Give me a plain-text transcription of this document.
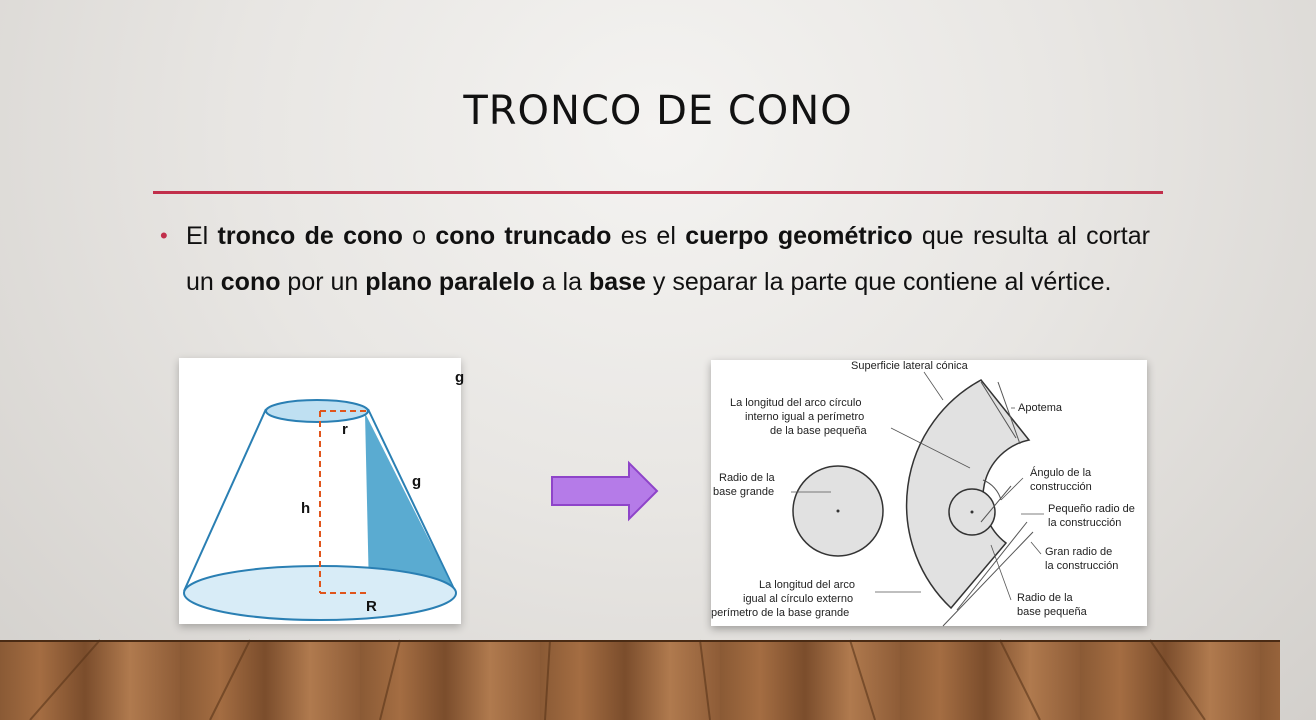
TRONCO DE CONO
• El tronco de cono o cono truncado es el cuerpo geométrico que resulta al cortar un cono por un plano paralelo a la base y separar la parte que contiene al vértice.
r
g
h
R
g
Superficie lateral cónica
La longitud del arco círculo
interno igual a perímetro
de la base pequeña
Apotema
Radio de la
base grande
Ángulo de la
construcción
Pequeño radio de
la construcción
Gran radio de
la construcción
La longitud del arco
igual al círculo externo
perímetro de la base grande
Radio de la
base pequeña
